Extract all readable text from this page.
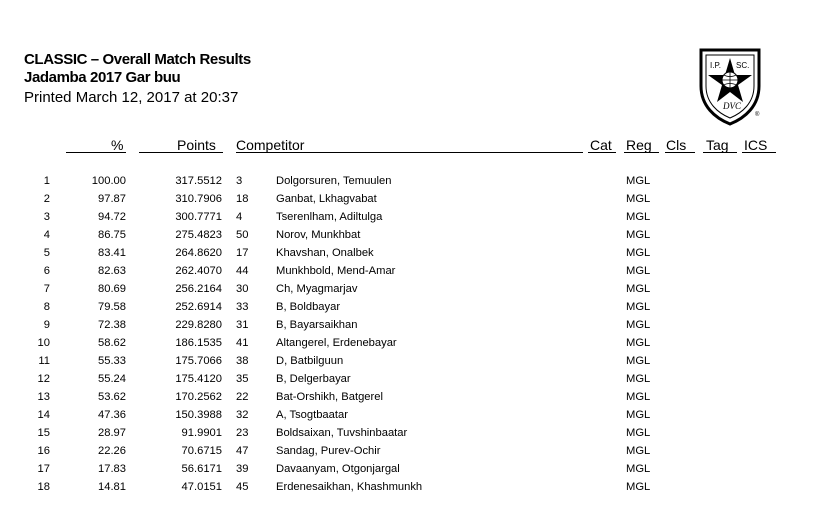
CLASSIC – Overall Match Results
Jadamba 2017 Gar buu
Printed March 12, 2017 at 20:37
I.P. SC.
DVC
®
%	Points Competitor	Cat Reg Cls Tag ICS
1	100.00	317.5512 3	Dolgorsuren, Temuulen	MGL
2	97.87	310.7906 18 Ganbat, Lkhagvabat	MGL
3	94.72	300.7771 4	Tserenlham, Adiltulga	MGL
4	86.75	275.4823 50 Norov, Munkhbat	MGL
5	83.41	264.8620 17 Khavshan, Onalbek	MGL
6	82.63	262.4070 44 Munkhbold, Mend-Amar	MGL
7	80.69	256.2164 30 Ch, Myagmarjav	MGL
8	79.58	252.6914 33 B, Boldbayar	MGL
9	72.38	229.8280 31 B, Bayarsaikhan	MGL
10	58.62	186.1535 41 Altangerel, Erdenebayar	MGL
11	55.33	175.7066 38 D, Batbilguun	MGL
12	55.24	175.4120 35 B, Delgerbayar	MGL
13	53.62	170.2562 22 Bat-Orshikh, Batgerel	MGL
14	47.36	150.3988 32 A, Tsogtbaatar	MGL
15	28.97	91.9901 23 Boldsaixan, Tuvshinbaatar	MGL
16	22.26	70.6715 47 Sandag, Purev-Ochir	MGL
17	17.83	56.6171 39 Davaanyam, Otgonjargal	MGL
18	14.81	47.0151 45 Erdenesaikhan, Khashmunkh	MGL
